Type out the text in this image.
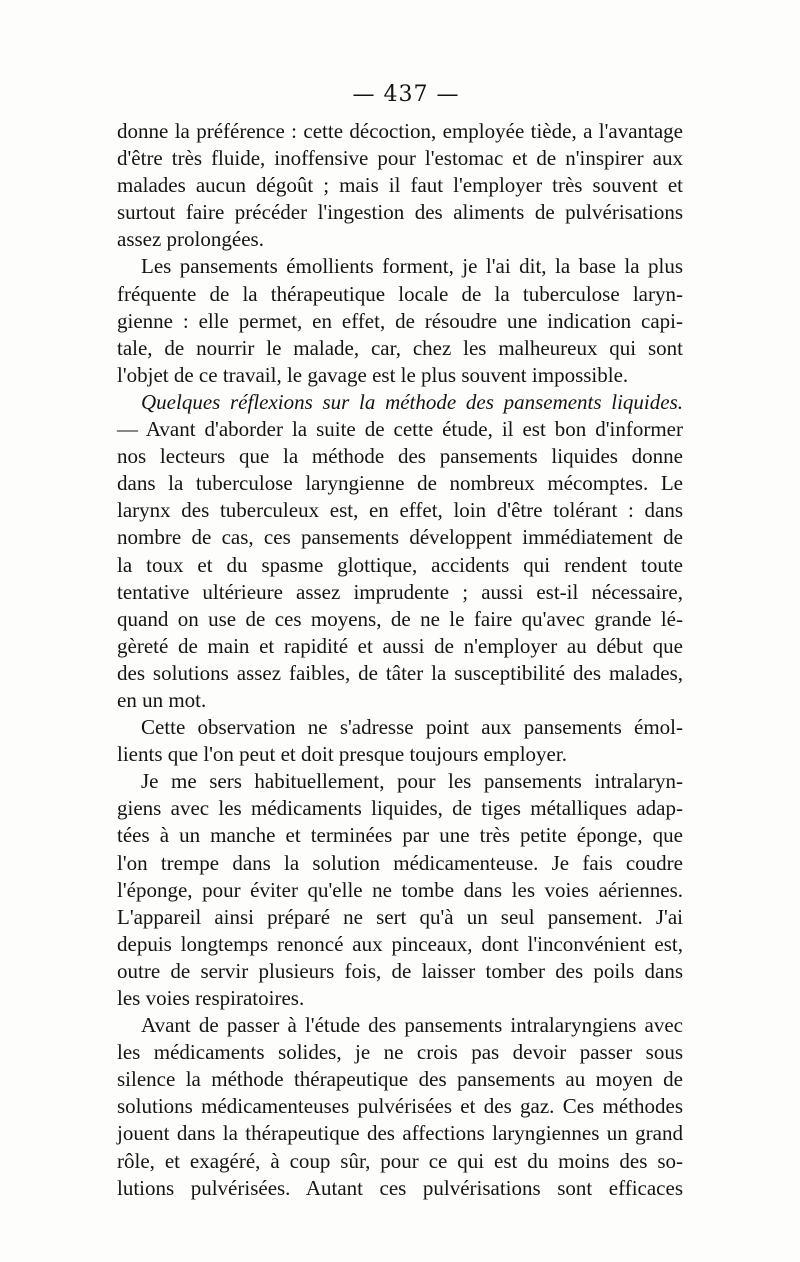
— 437 —
donne la préférence : cette décoction, employée tiède, a l'avantage
d'être très fluide, inoffensive pour l'estomac et de n'inspirer aux
malades aucun dégoût ; mais il faut l'employer très souvent et
surtout faire précéder l'ingestion des aliments de pulvérisations
assez prolongées.
Les pansements émollients forment, je l'ai dit, la base la plus
fréquente de la thérapeutique locale de la tuberculose laryn-
gienne : elle permet, en effet, de résoudre une indication capi-
tale, de nourrir le malade, car, chez les malheureux qui sont
l'objet de ce travail, le gavage est le plus souvent impossible.
Quelques réflexions sur la méthode des pansements liquides.
— Avant d'aborder la suite de cette étude, il est bon d'informer
nos lecteurs que la méthode des pansements liquides donne
dans la tuberculose laryngienne de nombreux mécomptes. Le
larynx des tuberculeux est, en effet, loin d'être tolérant : dans
nombre de cas, ces pansements développent immédiatement de
la toux et du spasme glottique, accidents qui rendent toute
tentative ultérieure assez imprudente ; aussi est-il nécessaire,
quand on use de ces moyens, de ne le faire qu'avec grande lé-
gèreté de main et rapidité et aussi de n'employer au début que
des solutions assez faibles, de tâter la susceptibilité des malades,
en un mot.
Cette observation ne s'adresse point aux pansements émol-
lients que l'on peut et doit presque toujours employer.
Je me sers habituellement, pour les pansements intralaryn-
giens avec les médicaments liquides, de tiges métalliques adap-
tées à un manche et terminées par une très petite éponge, que
l'on trempe dans la solution médicamenteuse. Je fais coudre
l'éponge, pour éviter qu'elle ne tombe dans les voies aériennes.
L'appareil ainsi préparé ne sert qu'à un seul pansement. J'ai
depuis longtemps renoncé aux pinceaux, dont l'inconvénient est,
outre de servir plusieurs fois, de laisser tomber des poils dans
les voies respiratoires.
Avant de passer à l'étude des pansements intralaryngiens avec
les médicaments solides, je ne crois pas devoir passer sous
silence la méthode thérapeutique des pansements au moyen de
solutions médicamenteuses pulvérisées et des gaz. Ces méthodes
jouent dans la thérapeutique des affections laryngiennes un grand
rôle, et exagéré, à coup sûr, pour ce qui est du moins des so-
lutions pulvérisées. Autant ces pulvérisations sont efficaces
